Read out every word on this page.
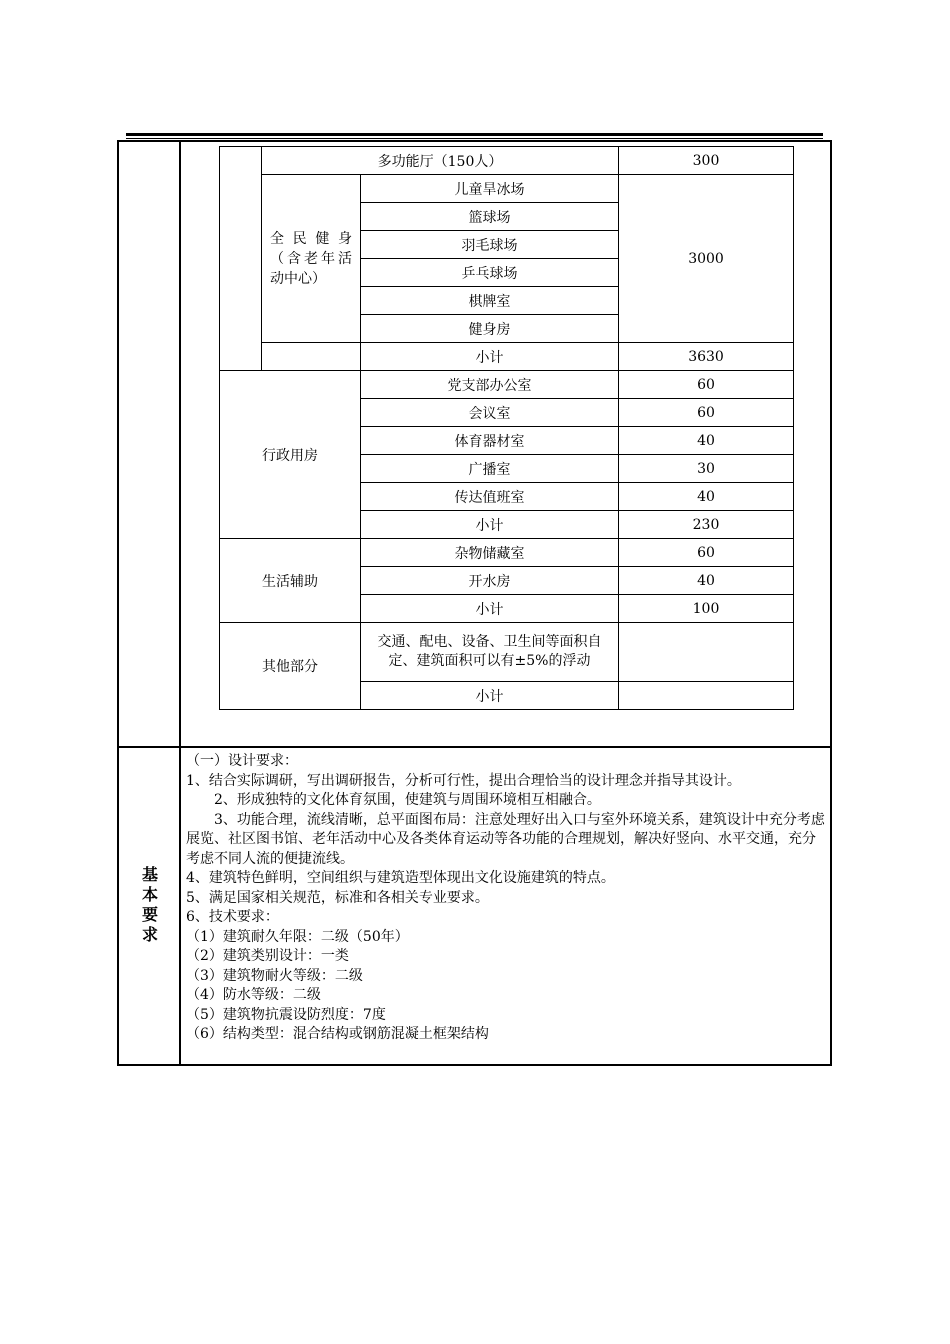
	多功能厅（150人）		300
	全民健身（含老年活动中心）	儿童旱冰场	3000
		篮球场	
		羽毛球场	
		乒乓球场	
		棋牌室	
		健身房	
		小计	3630
行政用房		党支部办公室	60
		会议室	60
		体育器材室	40
		广播室	30
		传达值班室	40
		小计	230
生活辅助		杂物储藏室	60
		开水房	40
		小计	100
其他部分		交通、配电、设备、卫生间等面积自定、建筑面积可以有±5%的浮动	
		小计	
基本要求

（一）设计要求：

1、结合实际调研，写出调研报告，分析可行性，提出合理恰当的设计理念并指导其设计。

2、形成独特的文化体育氛围，使建筑与周围环境相互相融合。

3、功能合理，流线清晰，总平面图布局：注意处理好出入口与室外环境关系，建筑设计中充分考虑展览、社区图书馆、老年活动中心及各类体育运动等各功能的合理规划，解决好竖向、水平交通，充分考虑不同人流的便捷流线。

4、建筑特色鲜明，空间组织与建筑造型体现出文化设施建筑的特点。

5、满足国家相关规范，标准和各相关专业要求。

6、技术要求：

（1）建筑耐久年限：二级（50年）

（2）建筑类别设计：一类

（3）建筑物耐火等级：二级

（4）防水等级：二级

（5）建筑物抗震设防烈度：7度

（6）结构类型：混合结构或钢筋混凝土框架结构
